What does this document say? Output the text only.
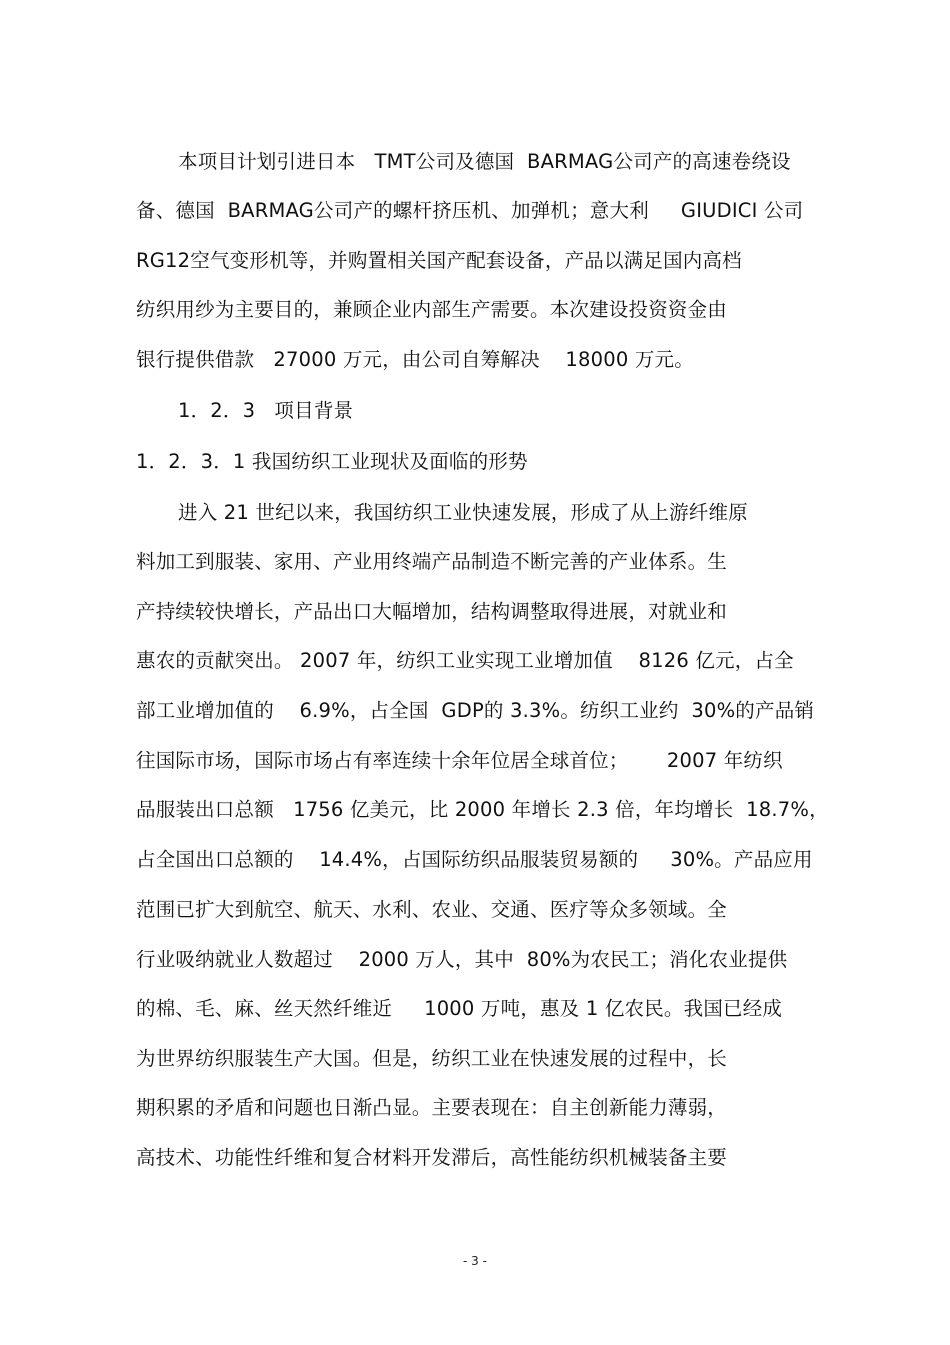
本项目计划引进日本   TMT公司及德国  BARMAG公司产的高速卷绕设
备、德国  BARMAG公司产的螺杆挤压机、加弹机；意大利     GIUDICI 公司
RG12空气变形机等，并购置相关国产配套设备，产品以满足国内高档
纺织用纱为主要目的，兼顾企业内部生产需要。本次建设投资资金由
银行提供借款   27000 万元，由公司自筹解决    18000 万元。
1．2．3   项目背景
1．2．3．1 我国纺织工业现状及面临的形势
进入 21 世纪以来，我国纺织工业快速发展，形成了从上游纤维原
料加工到服装、家用、产业用终端产品制造不断完善的产业体系。生
产持续较快增长，产品出口大幅增加，结构调整取得进展，对就业和
惠农的贡献突出。 2007 年，纺织工业实现工业增加值    8126 亿元，占全
部工业增加值的    6.9%，占全国  GDP的 3.3%。纺织工业约  30%的产品销
往国际市场，国际市场占有率连续十余年位居全球首位；      2007 年纺织
品服装出口总额   1756 亿美元，比 2000 年增长 2.3 倍，年均增长  18.7%，
占全国出口总额的    14.4%，占国际纺织品服装贸易额的     30%。产品应用
范围已扩大到航空、航天、水利、农业、交通、医疗等众多领域。全
行业吸纳就业人数超过    2000 万人，其中  80%为农民工；消化农业提供
的棉、毛、麻、丝天然纤维近     1000 万吨，惠及 1 亿农民。我国已经成
为世界纺织服装生产大国。但是，纺织工业在快速发展的过程中，长
期积累的矛盾和问题也日渐凸显。主要表现在：自主创新能力薄弱，
高技术、功能性纤维和复合材料开发滞后，高性能纺织机械装备主要
- 3 -
